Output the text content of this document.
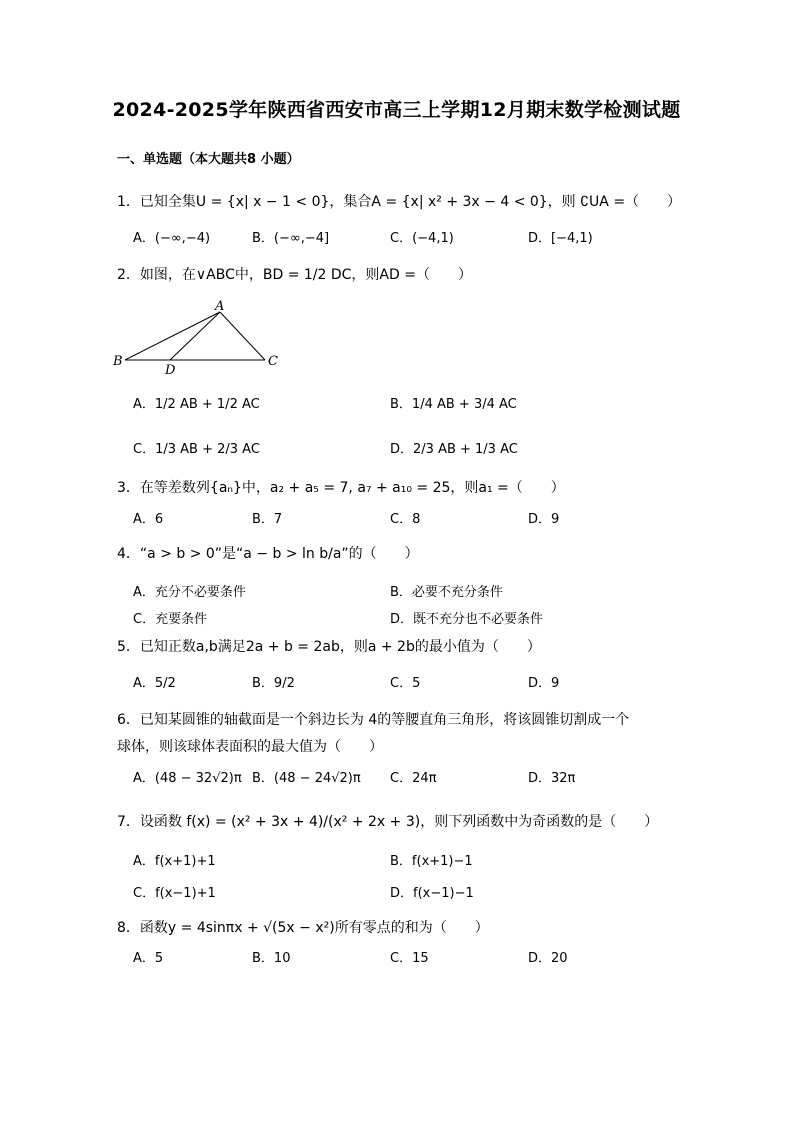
2024-2025学年陕西省西安市高三上学期12月期末数学检测试题
一、单选题（本大题共8 小题）
1．已知全集U = {x| x − 1 < 0}，集合A = {x| x² + 3x − 4 < 0}，则 ∁UA =（　　）
A．(−∞,−4)	B．(−∞,−4]	C．(−4,1)	D．[−4,1)
2．如图，在∨ABC中，BD = 1/2 DC，则AD =（　　）
A
B
D
C
A．1/2 AB + 1/2 AC	B．1/4 AB + 3/4 AC
C．1/3 AB + 2/3 AC	D．2/3 AB + 1/3 AC
3．在等差数列{aₙ}中，a₂ + a₅ = 7, a₇ + a₁₀ = 25，则a₁ =（　　）
A．6	B．7	C．8	D．9
4．“a > b > 0”是“a − b > ln b/a”的（　　）
A．充分不必要条件	B．必要不充分条件
C．充要条件	D．既不充分也不必要条件
5．已知正数a,b满足2a + b = 2ab，则a + 2b的最小值为（　　）
A．5/2	B．9/2	C．5	D．9
6．已知某圆锥的轴截面是一个斜边长为 4的等腰直角三角形，将该圆锥切割成一个
球体，则该球体表面积的最大值为（　　）
A．(48 − 32√2)π B．(48 − 24√2)π C．24π	D．32π
7．设函数 f(x) = (x² + 3x + 4)/(x² + 2x + 3)，则下列函数中为奇函数的是（　　）
A．f(x+1)+1	B．f(x+1)−1
C．f(x−1)+1	D．f(x−1)−1
8．函数y = 4sinπx + √(5x − x²)所有零点的和为（　　）
A．5	B．10	C．15	D．20
